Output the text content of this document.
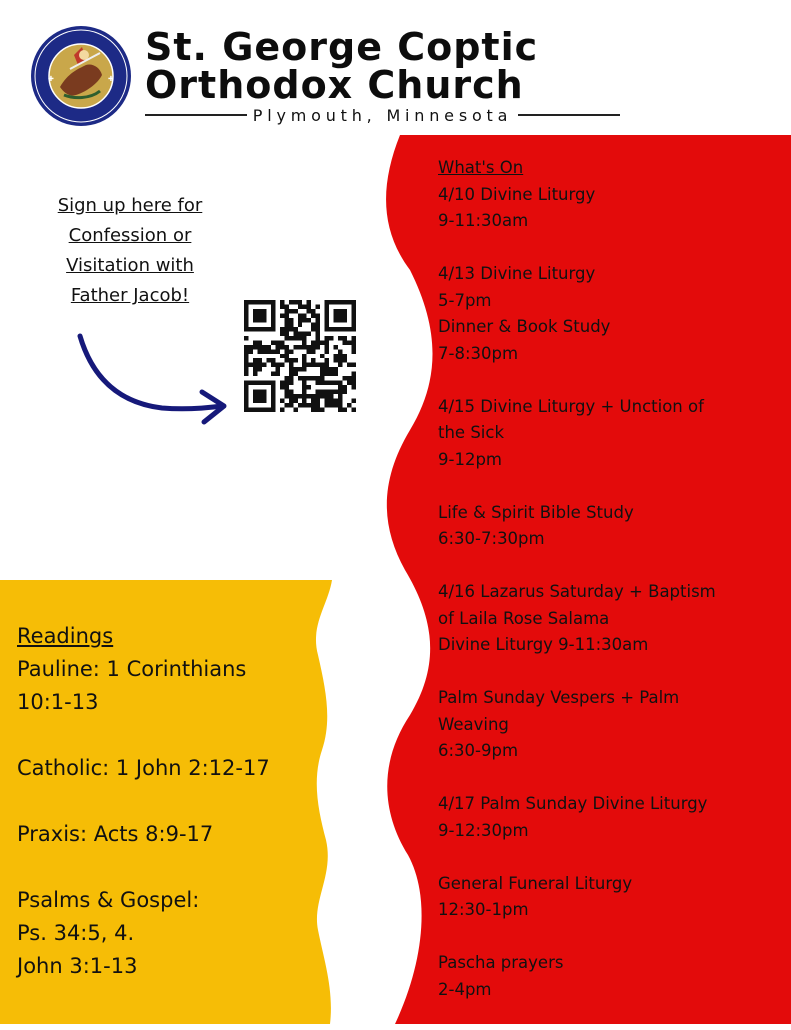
✚	✚
St. George Coptic
Orthodox Church
Plymouth, Minnesota
Sign up here for
Confession or
Visitation with
Father Jacob!
What's On
4/10 Divine Liturgy
9-11:30am
4/13 Divine Liturgy
5-7pm
Dinner & Book Study
7-8:30pm
4/15 Divine Liturgy + Unction of
the Sick
9-12pm
Life & Spirit Bible Study
6:30-7:30pm
4/16 Lazarus Saturday + Baptism
of Laila Rose Salama
Divine Liturgy 9-11:30am
Palm Sunday Vespers + Palm
Weaving
6:30-9pm
4/17 Palm Sunday Divine Liturgy
9-12:30pm
General Funeral Liturgy
12:30-1pm
Pascha prayers
2-4pm
Readings
Pauline: 1 Corinthians
10:1-13
Catholic: 1 John 2:12-17
Praxis: Acts 8:9-17
Psalms & Gospel:
Ps. 34:5, 4.
John 3:1-13
